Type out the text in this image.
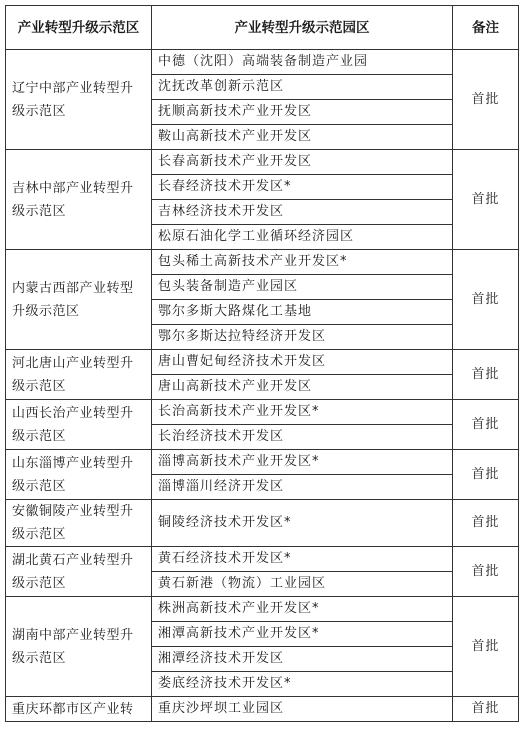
产业转型升级示范区	产业转型升级示范园区	备注
辽宁中部产业转型升级示范区	中德（沈阳）高端装备制造产业园	首批
	沈抚改革创新示范区	
	抚顺高新技术产业开发区	
	鞍山高新技术产业开发区	
吉林中部产业转型升级示范区	长春高新技术产业开发区	首批
	长春经济技术开发区*	
	吉林经济技术开发区	
	松原石油化学工业循环经济园区	
内蒙古西部产业转型升级示范区	包头稀土高新技术产业开发区*	首批
	包头装备制造产业园区	
	鄂尔多斯大路煤化工基地	
	鄂尔多斯达拉特经济开发区	
河北唐山产业转型升级示范区	唐山曹妃甸经济技术开发区	首批
	唐山高新技术产业开发区	
山西长治产业转型升级示范区	长治高新技术产业开发区*	首批
	长治经济技术开发区	
山东淄博产业转型升级示范区	淄博高新技术产业开发区*	首批
	淄博淄川经济开发区	
安徽铜陵产业转型升级示范区	铜陵经济技术开发区*	首批
湖北黄石产业转型升级示范区	黄石经济技术开发区*	首批
	黄石新港（物流）工业园区	
湖南中部产业转型升级示范区	株洲高新技术产业开发区*	首批
	湘潭高新技术产业开发区*	
	湘潭经济技术开发区	
	娄底经济技术开发区*	
重庆环都市区产业转	重庆沙坪坝工业园区	首批
